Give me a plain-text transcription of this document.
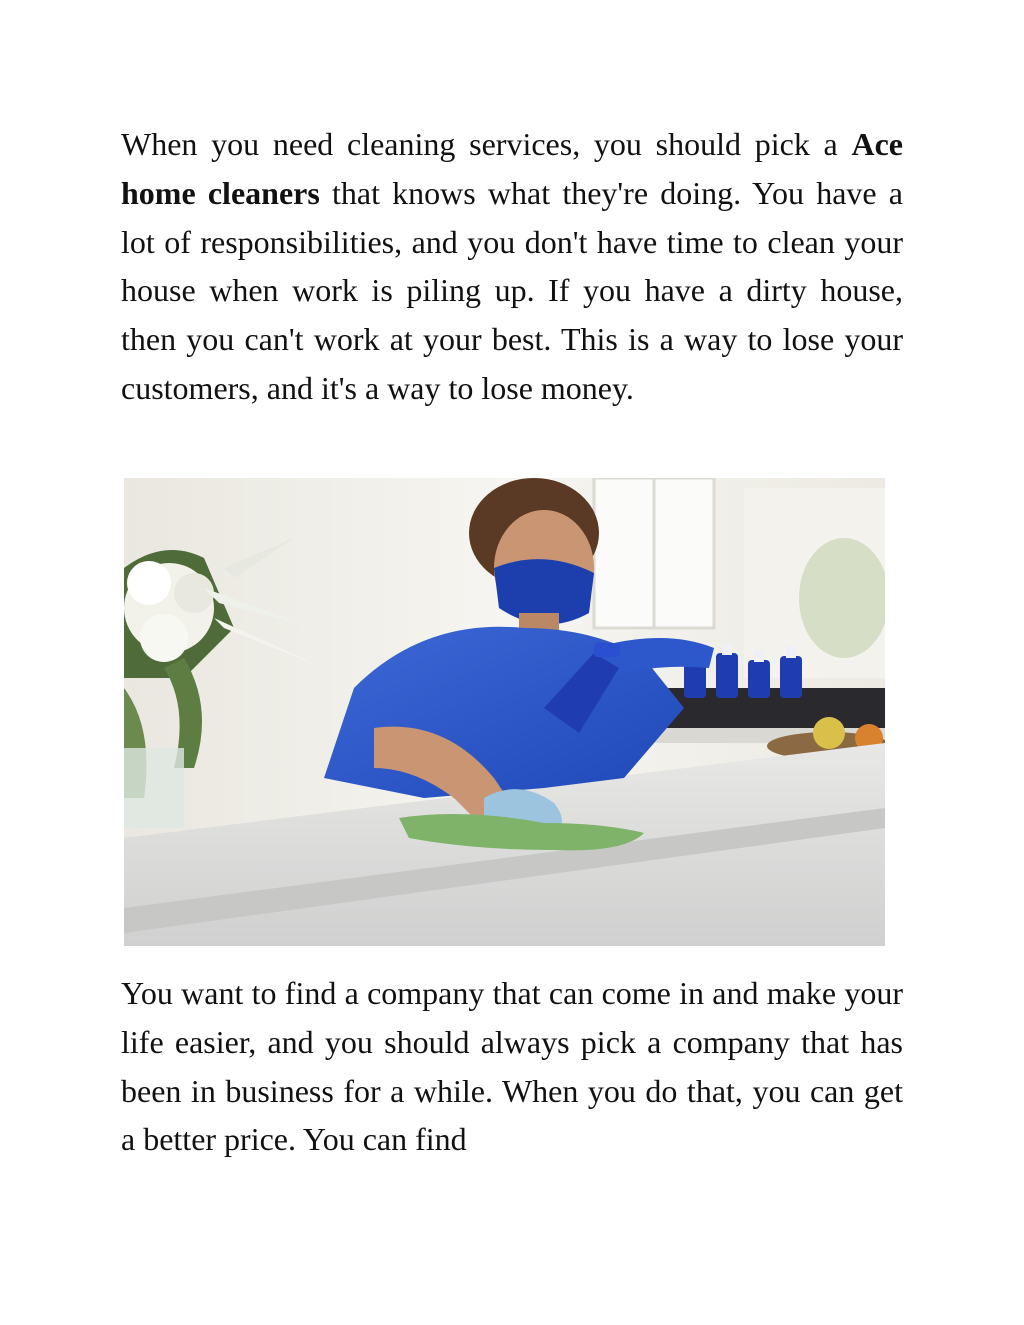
When you need cleaning services, you should pick a Ace home cleaners that knows what they're doing. You have a lot of responsibilities, and you don't have time to clean your house when work is piling up. If you have a dirty house, then you can't work at your best. This is a way to lose your customers, and it's a way to lose money.

You want to find a company that can come in and make your life easier, and you should always pick a company that has been in business for a while. When you do that, you can get a better price. You can find
